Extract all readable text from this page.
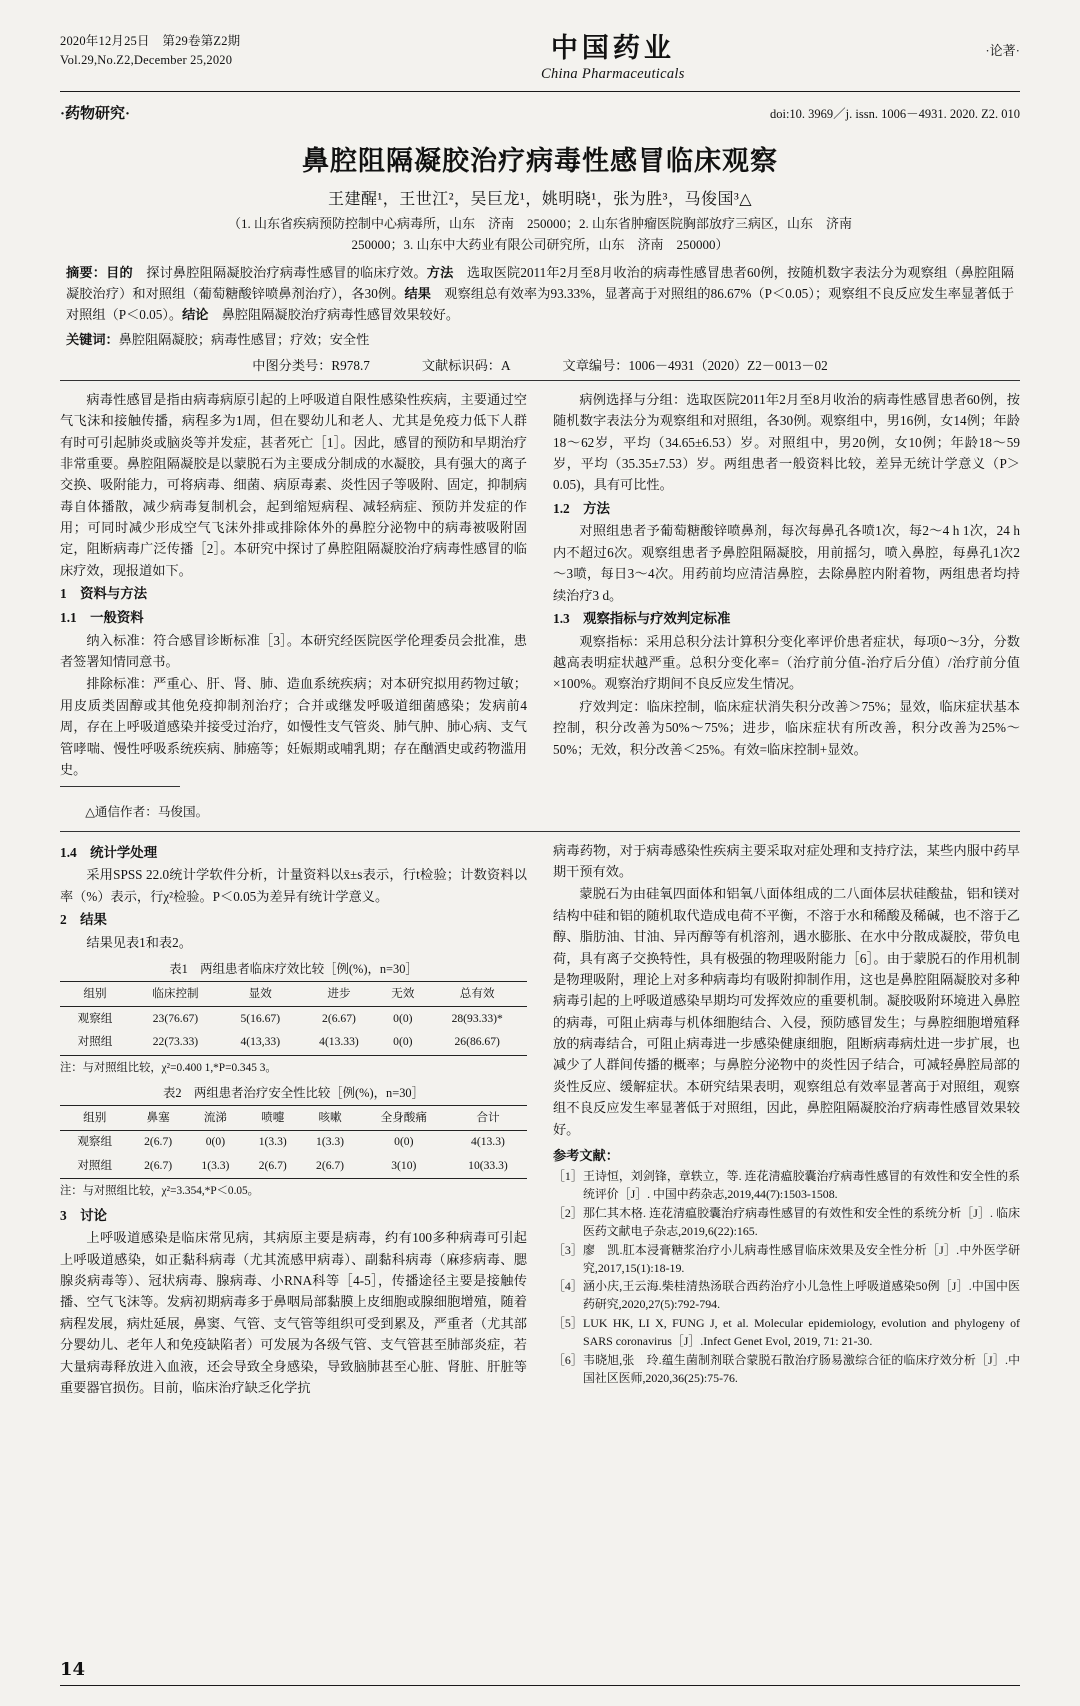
2020年12月25日　第29卷第Z2期
Vol.29,No.Z2,December 25,2020	中国药业
China Pharmaceuticals
·论著·
·药物研究·	doi:10. 3969／j. issn. 1006－4931. 2020. Z2. 010
鼻腔阻隔凝胶治疗病毒性感冒临床观察
王建醒¹，王世江²，吴巨龙¹，姚明晓¹，张为胜³，马俊国³△
（1. 山东省疾病预防控制中心病毒所，山东　济南　250000；2. 山东省肿瘤医院胸部放疗三病区，山东　济南
250000；3. 山东中大药业有限公司研究所，山东　济南　250000）
摘要：目的　 探讨鼻腔阻隔凝胶治疗病毒性感冒的临床疗效。方法　 选取医院2011年2月至8月收治的病毒性感冒患者60例，按随机数字表法分为观察组（鼻腔阻隔凝胶治疗）和对照组（葡萄糖酸锌喷鼻剂治疗），各30例。结果　 观察组总有效率为93.33%，显著高于对照组的86.67%（P＜0.05）；观察组不良反应发生率显著低于对照组（P＜0.05）。结论　 鼻腔阻隔凝胶治疗病毒性感冒效果较好。
关键词：鼻腔阻隔凝胶；病毒性感冒；疗效；安全性
中图分类号：R978.7	文献标识码：A	文章编号：1006－4931（2020）Z2－0013－02

病毒性感冒是指由病毒病原引起的上呼吸道自限性感染性疾病，主要通过空气飞沫和接触传播，病程多为1周，但在婴幼儿和老人、尤其是免疫力低下人群有时可引起肺炎或脑炎等并发症，甚者死亡［1］。因此，感冒的预防和早期治疗非常重要。鼻腔阻隔凝胶是以蒙脱石为主要成分制成的水凝胶，具有强大的离子交换、吸附能力，可将病毒、细菌、病原毒素、炎性因子等吸附、固定，抑制病毒自体播散，减少病毒复制机会，起到缩短病程、减轻病症、预防并发症的作用；可同时减少形成空气飞沫外排或排除体外的鼻腔分泌物中的病毒被吸附固定，阻断病毒广泛传播［2］。本研究中探讨了鼻腔阻隔凝胶治疗病毒性感冒的临床疗效，现报道如下。

1　资料与方法
1.1　一般资料

纳入标准：符合感冒诊断标准［3］。本研究经医院医学伦理委员会批准，患者签署知情同意书。

排除标准：严重心、肝、肾、肺、造血系统疾病；对本研究拟用药物过敏；用皮质类固醇或其他免疫抑制剂治疗；合并或继发呼吸道细菌感染；发病前4周，存在上呼吸道感染并接受过治疗，如慢性支气管炎、肺气肿、肺心病、支气管哮喘、慢性呼吸系统疾病、肺癌等；妊娠期或哺乳期；存在酗酒史或药物滥用史。

△通信作者：马俊国。

病例选择与分组：选取医院2011年2月至8月收治的病毒性感冒患者60例，按随机数字表法分为观察组和对照组，各30例。观察组中，男16例，女14例；年龄18～62岁，平均（34.65±6.53）岁。对照组中，男20例，女10例；年龄18～59岁，平均（35.35±7.53）岁。两组患者一般资料比较，差异无统计学意义（P＞0.05)，具有可比性。

1.2　方法

对照组患者予葡萄糖酸锌喷鼻剂，每次每鼻孔各喷1次，每2～4 h 1次，24 h内不超过6次。观察组患者予鼻腔阻隔凝胶，用前摇匀，喷入鼻腔，每鼻孔1次2～3喷，每日3～4次。用药前均应清洁鼻腔，去除鼻腔内附着物，两组患者均持续治疗3 d。

1.3　观察指标与疗效判定标准

观察指标：采用总积分法计算积分变化率评价患者症状，每项0～3分，分数越高表明症状越严重。总积分变化率=（治疗前分值-治疗后分值）/治疗前分值×100%。观察治疗期间不良反应发生情况。

疗效判定：临床控制，临床症状消失积分改善＞75%；显效，临床症状基本控制，积分改善为50%～75%；进步，临床症状有所改善，积分改善为25%～50%；无效，积分改善＜25%。有效=临床控制+显效。

1.4　统计学处理

采用SPSS 22.0统计学软件分析，计量资料以x̄±s表示，行t检验；计数资料以率（%）表示，行χ²检验。P＜0.05为差异有统计学意义。

2　结果

结果见表1和表2。

表1　两组患者临床疗效比较［例(%)，n=30］
组别	临床控制	显效	进步	无效	总有效
观察组	23(76.67)	5(16.67)	2(6.67)	0(0)	28(93.33)*
对照组	22(73.33)	4(13,33)	4(13.33)	0(0)	26(86.67)
注：与对照组比较，χ²=0.400 1,*P=0.345 3。
表2　两组患者治疗安全性比较［例(%)，n=30］
组别	鼻塞	流涕	喷嚏	咳嗽	全身酸痛	合计
观察组	2(6.7)	0(0)	1(3.3)	1(3.3)	0(0)	4(13.3)
对照组	2(6.7)	1(3.3)	2(6.7)	2(6.7)	3(10)	10(33.3)
注：与对照组比较，χ²=3.354,*P＜0.05。
3　讨论

上呼吸道感染是临床常见病，其病原主要是病毒，约有100多种病毒可引起上呼吸道感染，如正黏科病毒（尤其流感甲病毒）、副黏科病毒（麻疹病毒、腮腺炎病毒等）、冠状病毒、腺病毒、小RNA科等［4-5］，传播途径主要是接触传播、空气飞沫等。发病初期病毒多于鼻咽局部黏膜上皮细胞或腺细胞增殖，随着病程发展，病灶延展，鼻窦、气管、支气管等组织可受到累及，严重者（尤其部分婴幼儿、老年人和免疫缺陷者）可发展为各级气管、支气管甚至肺部炎症，若大量病毒释放进入血液，还会导致全身感染，导致脑肺甚至心脏、肾脏、肝脏等重要器官损伤。目前，临床治疗缺乏化学抗

病毒药物，对于病毒感染性疾病主要采取对症处理和支持疗法，某些内服中药早期干预有效。

蒙脱石为由硅氧四面体和铝氧八面体组成的二八面体层状硅酸盐，铝和镁对结构中硅和铝的随机取代造成电荷不平衡，不溶于水和稀酸及稀碱，也不溶于乙醇、脂肪油、甘油、异丙醇等有机溶剂，遇水膨胀、在水中分散成凝胶，带负电荷，具有离子交换特性，具有极强的物理吸附能力［6］。由于蒙脱石的作用机制是物理吸附，理论上对多种病毒均有吸附抑制作用，这也是鼻腔阻隔凝胶对多种病毒引起的上呼吸道感染早期均可发挥效应的重要机制。凝胶吸附环境进入鼻腔的病毒，可阻止病毒与机体细胞结合、入侵，预防感冒发生；与鼻腔细胞增殖释放的病毒结合，可阻止病毒进一步感染健康细胞，阻断病毒病灶进一步扩展，也减少了人群间传播的概率；与鼻腔分泌物中的炎性因子结合，可减轻鼻腔局部的炎性反应、缓解症状。本研究结果表明，观察组总有效率显著高于对照组，观察组不良反应发生率显著低于对照组，因此，鼻腔阻隔凝胶治疗病毒性感冒效果较好。

参考文献：
［1］ 王诗恒，刘剑锋，章轶立，等. 连花清瘟胶囊治疗病毒性感冒的有效性和安全性的系统评价［J］. 中国中药杂志,2019,44(7):1503-1508.
［2］ 那仁其木格. 连花清瘟胶囊治疗病毒性感冒的有效性和安全性的系统分析［J］. 临床医药文献电子杂志,2019,6(22):165.
［3］ 廖　凯.肛本浸膏糖浆治疗小儿病毒性感冒临床效果及安全性分析［J］.中外医学研究,2017,15(1):18-19.
［4］ 涵小庆,王云海.柴桂清热汤联合西药治疗小儿急性上呼吸道感染50例［J］.中国中医药研究,2020,27(5):792-794.
［5］ LUK HK, LI X, FUNG J, et al. Molecular epidemiology, evolution and phylogeny of SARS coronavirus［J］.Infect Genet Evol, 2019, 71: 21-30.
［6］ 韦晓旭,张　玲.蕴生菌制剂联合蒙脱石散治疗肠易激综合征的临床疗效分析［J］.中国社区医师,2020,36(25):75-76.
14
